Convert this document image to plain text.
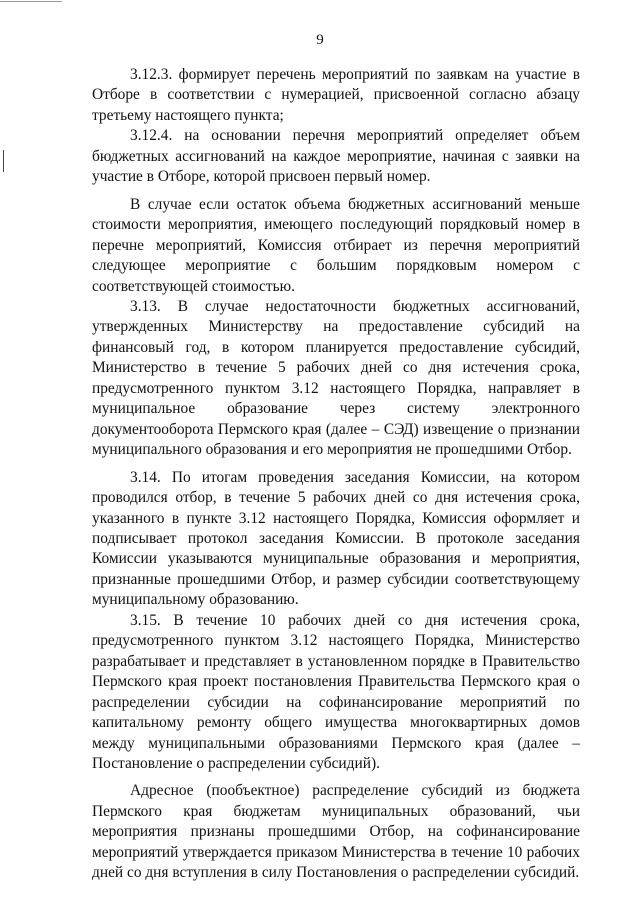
9

3.12.3. формирует перечень мероприятий по заявкам на участие в Отборе в соответствии с нумерацией, присвоенной согласно абзацу третьему настоящего пункта;

3.12.4. на основании перечня мероприятий определяет объем бюджетных ассигнований на каждое мероприятие, начиная с заявки на участие в Отборе, которой присвоен первый номер.

В случае если остаток объема бюджетных ассигнований меньше стоимости мероприятия, имеющего последующий порядковый номер в перечне мероприятий, Комиссия отбирает из перечня мероприятий следующее мероприятие с большим порядковым номером с соответствующей стоимостью.

3.13. В случае недостаточности бюджетных ассигнований, утвержденных Министерству на предоставление субсидий на финансовый год, в котором планируется предоставление субсидий, Министерство в течение 5 рабочих дней со дня истечения срока, предусмотренного пунктом 3.12 настоящего Порядка, направляет в муниципальное образование через систему электронного документооборота Пермского края (далее – СЭД) извещение о признании муниципального образования и его мероприятия не прошедшими Отбор.

3.14. По итогам проведения заседания Комиссии, на котором проводился отбор, в течение 5 рабочих дней со дня истечения срока, указанного в пункте 3.12 настоящего Порядка, Комиссия оформляет и подписывает протокол заседания Комиссии. В протоколе заседания Комиссии указываются муниципальные образования и мероприятия, признанные прошедшими Отбор, и размер субсидии соответствующему муниципальному образованию.

3.15. В течение 10 рабочих дней со дня истечения срока, предусмотренного пунктом 3.12 настоящего Порядка, Министерство разрабатывает и представляет в установленном порядке в Правительство Пермского края проект постановления Правительства Пермского края о распределении субсидии на софинансирование мероприятий по капитальному ремонту общего имущества многоквартирных домов между муниципальными образованиями Пермского края (далее – Постановление о распределении субсидий).

Адресное (пообъектное) распределение субсидий из бюджета Пермского края бюджетам муниципальных образований, чьи мероприятия признаны прошедшими Отбор, на софинансирование мероприятий утверждается приказом Министерства в течение 10 рабочих дней со дня вступления в силу Постановления о распределении субсидий.
